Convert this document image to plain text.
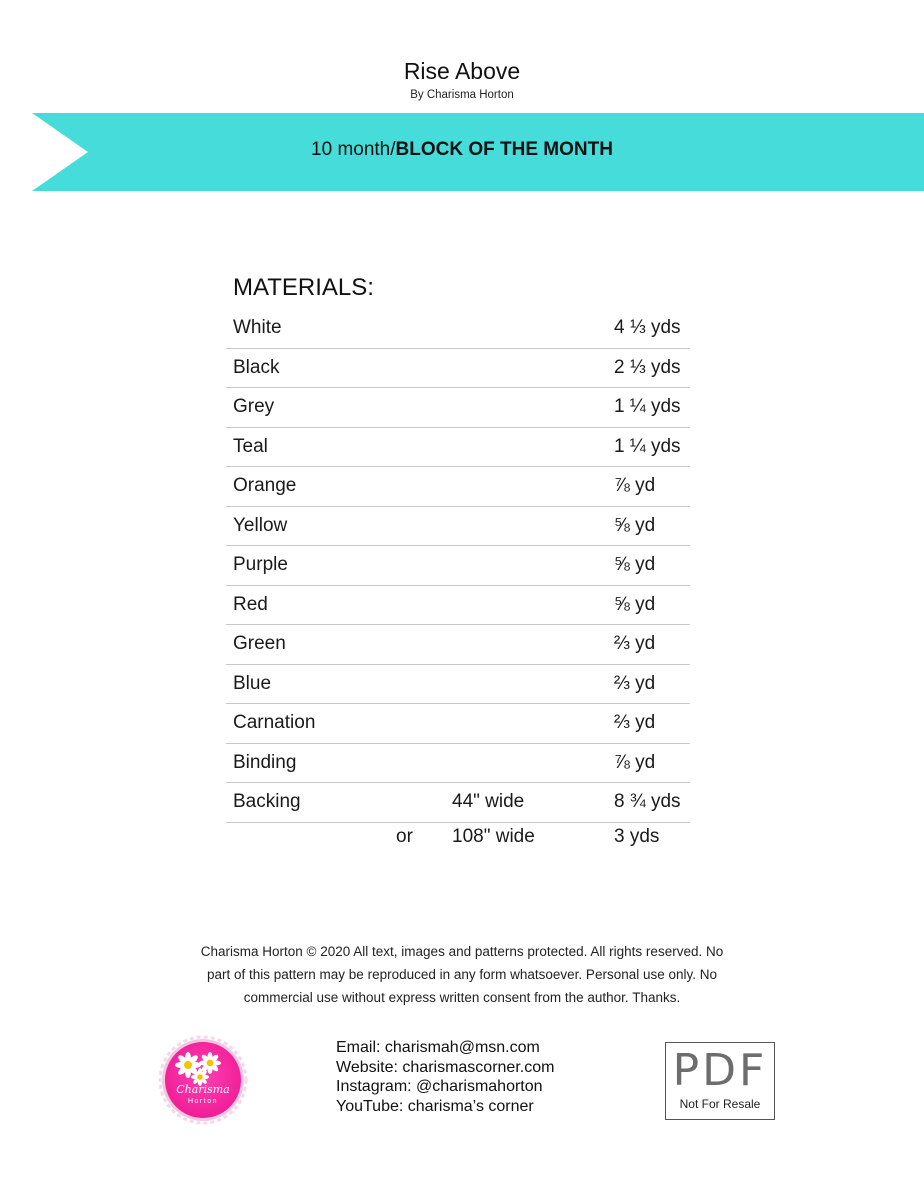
Rise Above
By Charisma Horton
10 month/BLOCK OF THE MONTH
MATERIALS:
White	4 ⅓ yds
Black	2 ⅓ yds
Grey	1 ¼ yds
Teal	1 ¼ yds
Orange	⅞ yd
Yellow	⅝ yd
Purple	⅝ yd
Red	⅝ yd
Green	⅔ yd
Blue	⅔ yd
Carnation	⅔ yd
Binding	⅞ yd
Backing	44" wide	8 ¾ yds
or 108" wide	3 yds
Charisma Horton © 2020 All text, images and patterns protected. All rights reserved. No
part of this pattern may be reproduced in any form whatsoever. Personal use only. No
commercial use without express written consent from the author. Thanks.
Charisma
Horton
Email: charismah@msn.com
Website: charismascorner.com
Instagram: @charismahorton
YouTube: charisma’s corner
PDF
Not For Resale
